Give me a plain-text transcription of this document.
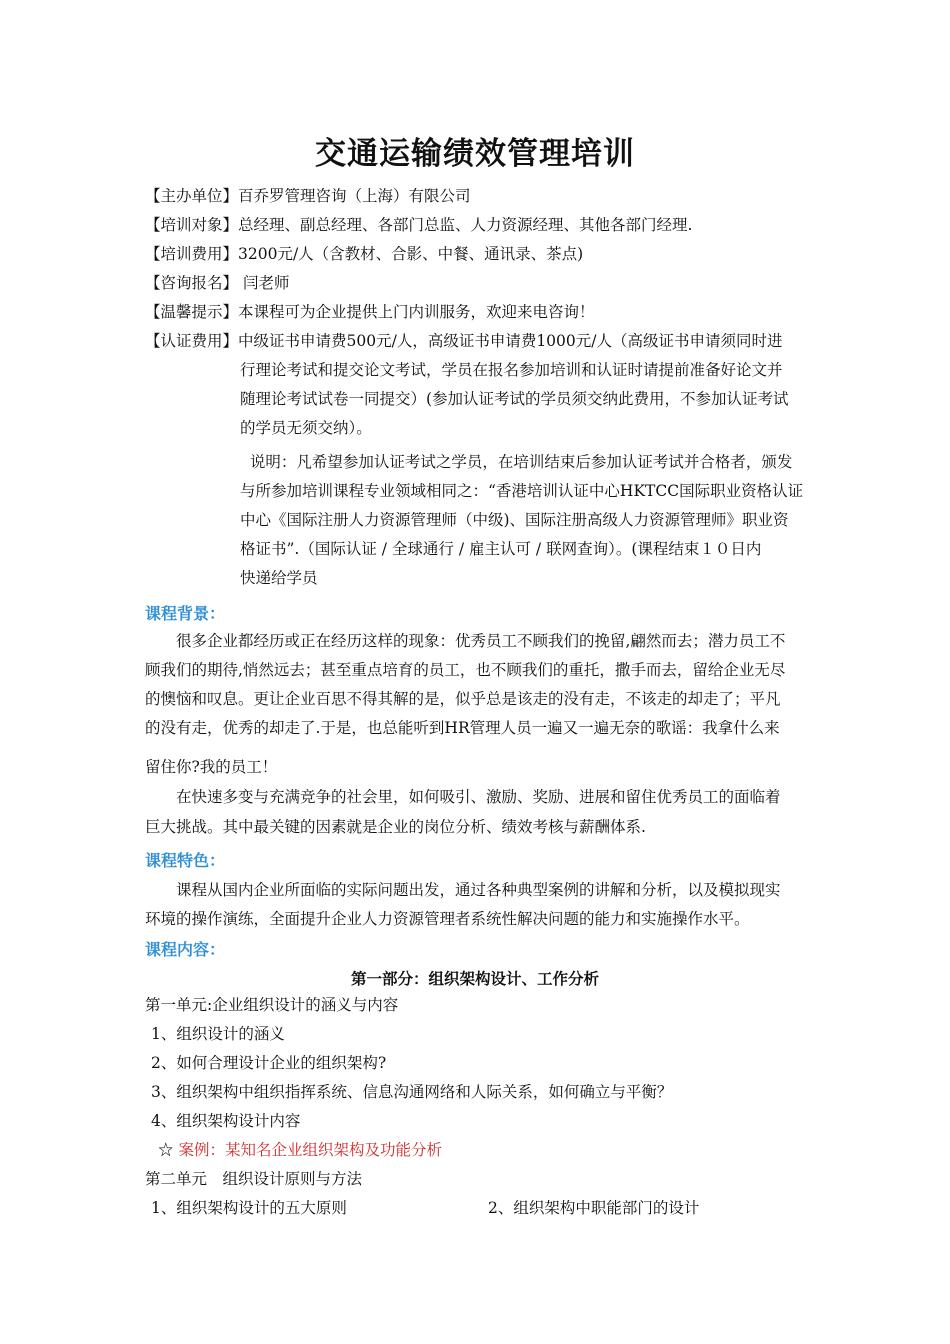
交通运输绩效管理培训
【主办单位】百乔罗管理咨询（上海）有限公司
【培训对象】总经理、副总经理、各部门总监、人力资源经理、其他各部门经理.
【培训费用】3200元/人（含教材、合影、中餐、通讯录、茶点)
【咨询报名】 闫老师
【温馨提示】本课程可为企业提供上门内训服务，欢迎来电咨询！
【认证费用】中级证书申请费500元/人，高级证书申请费1000元/人（高级证书申请须同时进
行理论考试和提交论文考试，学员在报名参加培训和认证时请提前准备好论文并
随理论考试试卷一同提交）(参加认证考试的学员须交纳此费用，不参加认证考试
的学员无须交纳）。
说明：凡希望参加认证考试之学员，在培训结束后参加认证考试并合格者，颁发
与所参加培训课程专业领域相同之：“香港培训认证中心HKTCC国际职业资格认证
中心《国际注册人力资源管理师（中级)、国际注册高级人力资源管理师》职业资
格证书”.（国际认证 / 全球通行 / 雇主认可 / 联网查询）。(课程结束１０日内
快递给学员
课程背景：
很多企业都经历或正在经历这样的现象：优秀员工不顾我们的挽留,翩然而去；潜力员工不
顾我们的期待,悄然远去；甚至重点培育的员工，也不顾我们的重托，撒手而去，留给企业无尽
的懊恼和叹息。更让企业百思不得其解的是，似乎总是该走的没有走，不该走的却走了；平凡
的没有走，优秀的却走了.于是，也总能听到HR管理人员一遍又一遍无奈的歌谣：我拿什么来
留住你?我的员工！
在快速多变与充满竞争的社会里，如何吸引、激励、奖励、进展和留住优秀员工的面临着
巨大挑战。其中最关键的因素就是企业的岗位分析、绩效考核与薪酬体系.
课程特色：
课程从国内企业所面临的实际问题出发，通过各种典型案例的讲解和分析，以及模拟现实
环境的操作演练，全面提升企业人力资源管理者系统性解决问题的能力和实施操作水平。
课程内容：
第一部分：组织架构设计、工作分析
第一单元:企业组织设计的涵义与内容
1、组织设计的涵义
2、如何合理设计企业的组织架构?
3、组织架构中组织指挥系统、信息沟通网络和人际关系，如何确立与平衡？
4、组织架构设计内容
☆ 案例：某知名企业组织架构及功能分析
第二单元　组织设计原则与方法
1、组织架构设计的五大原则	2、组织架构中职能部门的设计
